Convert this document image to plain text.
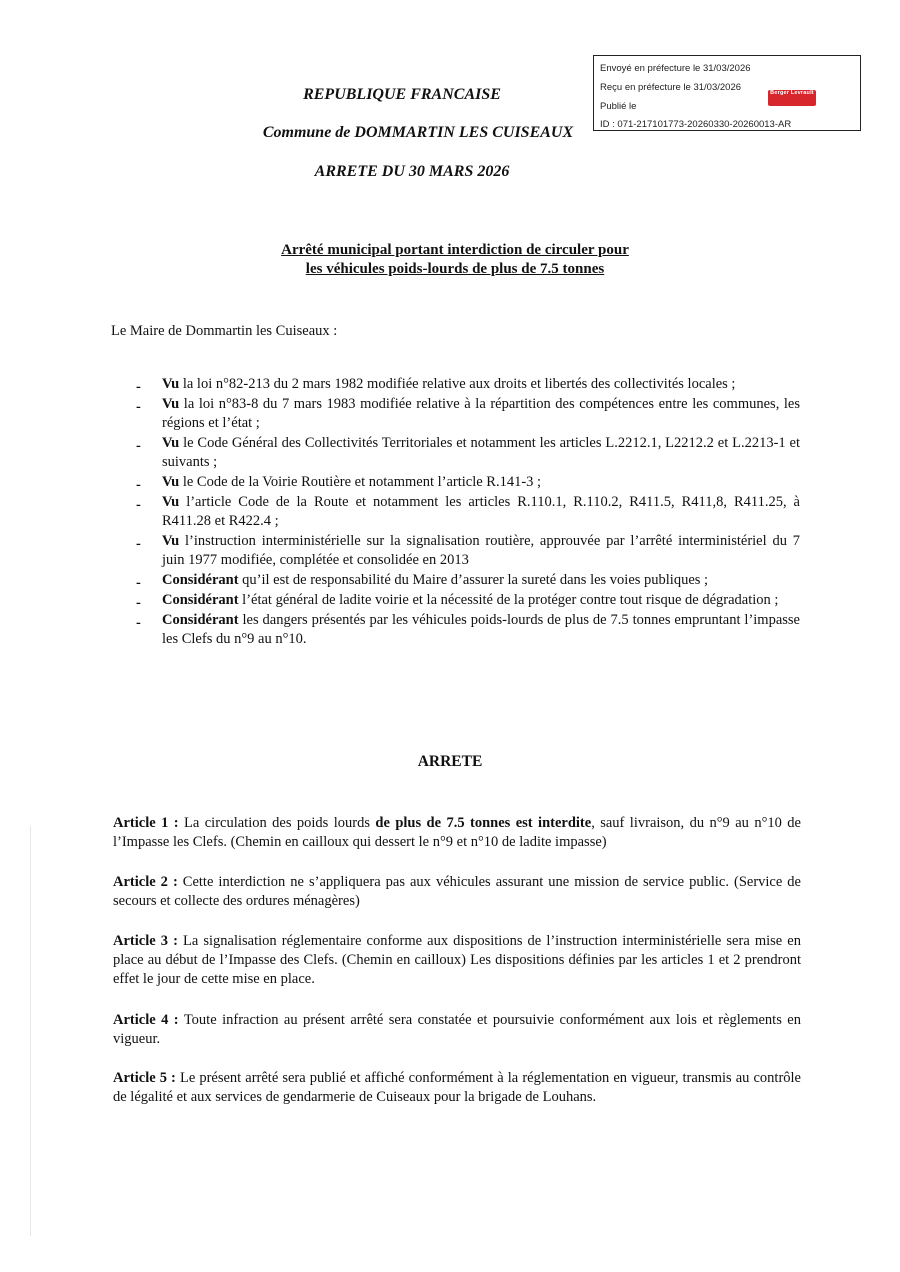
REPUBLIQUE FRANCAISE
Commune de DOMMARTIN LES CUISEAUX
ARRETE DU 30 MARS 2026
Envoyé en préfecture le 31/03/2026
Reçu en préfecture le 31/03/2026
Publié le
ID : 071-217101773-20260330-20260013-AR
Berger Levrault
Arrêté municipal portant interdiction de circuler pour
les véhicules poids-lourds de plus de 7.5 tonnes
Le Maire de Dommartin les Cuiseaux :
- Vu la loi n°82-213 du 2 mars 1982 modifiée relative aux droits et libertés des collectivités locales ;
- Vu la loi n°83-8 du 7 mars 1983 modifiée relative à la répartition des compétences entre les communes, les régions et l’état ;
- Vu le Code Général des Collectivités Territoriales et notamment les articles L.2212.1, L2212.2 et L.2213-1 et suivants ;
- Vu le Code de la Voirie Routière et notamment l’article R.141-3 ;
- Vu l’article Code de la Route et notamment les articles R.110.1, R.110.2, R411.5, R411,8, R411.25, à R411.28 et R422.4 ;
- Vu l’instruction interministérielle sur la signalisation routière, approuvée par l’arrêté interministériel du 7 juin 1977 modifiée, complétée et consolidée en 2013
- Considérant qu’il est de responsabilité du Maire d’assurer la sureté dans les voies publiques ;
- Considérant l’état général de ladite voirie et la nécessité de la protéger contre tout risque de dégradation ;
- Considérant les dangers présentés par les véhicules poids-lourds de plus de 7.5 tonnes empruntant l’impasse les Clefs du n°9 au n°10.
ARRETE
Article 1 : La circulation des poids lourds de plus de 7.5 tonnes est interdite, sauf livraison, du n°9 au n°10 de l’Impasse les Clefs. (Chemin en cailloux qui dessert le n°9 et n°10 de ladite impasse)
Article 2 : Cette interdiction ne s’appliquera pas aux véhicules assurant une mission de service public. (Service de secours et collecte des ordures ménagères)
Article 3 : La signalisation réglementaire conforme aux dispositions de l’instruction interministérielle sera mise en place au début de l’Impasse des Clefs. (Chemin en cailloux) Les dispositions définies par les articles 1 et 2 prendront effet le jour de cette mise en place.
Article 4 : Toute infraction au présent arrêté sera constatée et poursuivie conformément aux lois et règlements en vigueur.
Article 5 : Le présent arrêté sera publié et affiché conformément à la réglementation en vigueur, transmis au contrôle de légalité et aux services de gendarmerie de Cuiseaux pour la brigade de Louhans.
